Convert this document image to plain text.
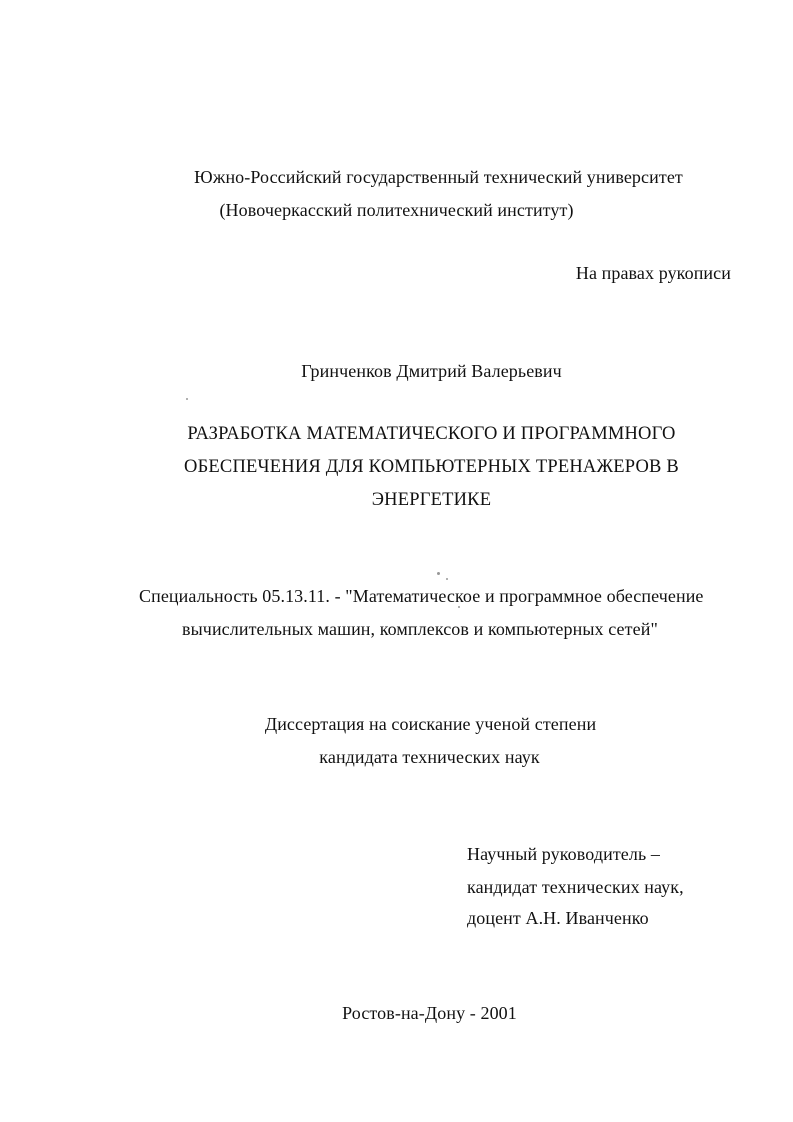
Южно-Российский государственный технический университет
(Новочеркасский политехнический институт)
На правах рукописи
Гринченков Дмитрий Валерьевич
РАЗРАБОТКА МАТЕМАТИЧЕСКОГО И ПРОГРАММНОГО
ОБЕСПЕЧЕНИЯ ДЛЯ КОМПЬЮТЕРНЫХ ТРЕНАЖЕРОВ В
ЭНЕРГЕТИКЕ
Специальность 05.13.11. - "Математическое и программное обеспечение
вычислительных машин, комплексов и компьютерных сетей"
Диссертация на соискание ученой степени
кандидата технических наук
Научный руководитель –
кандидат технических наук,
доцент А.Н. Иванченко
Ростов-на-Дону - 2001
